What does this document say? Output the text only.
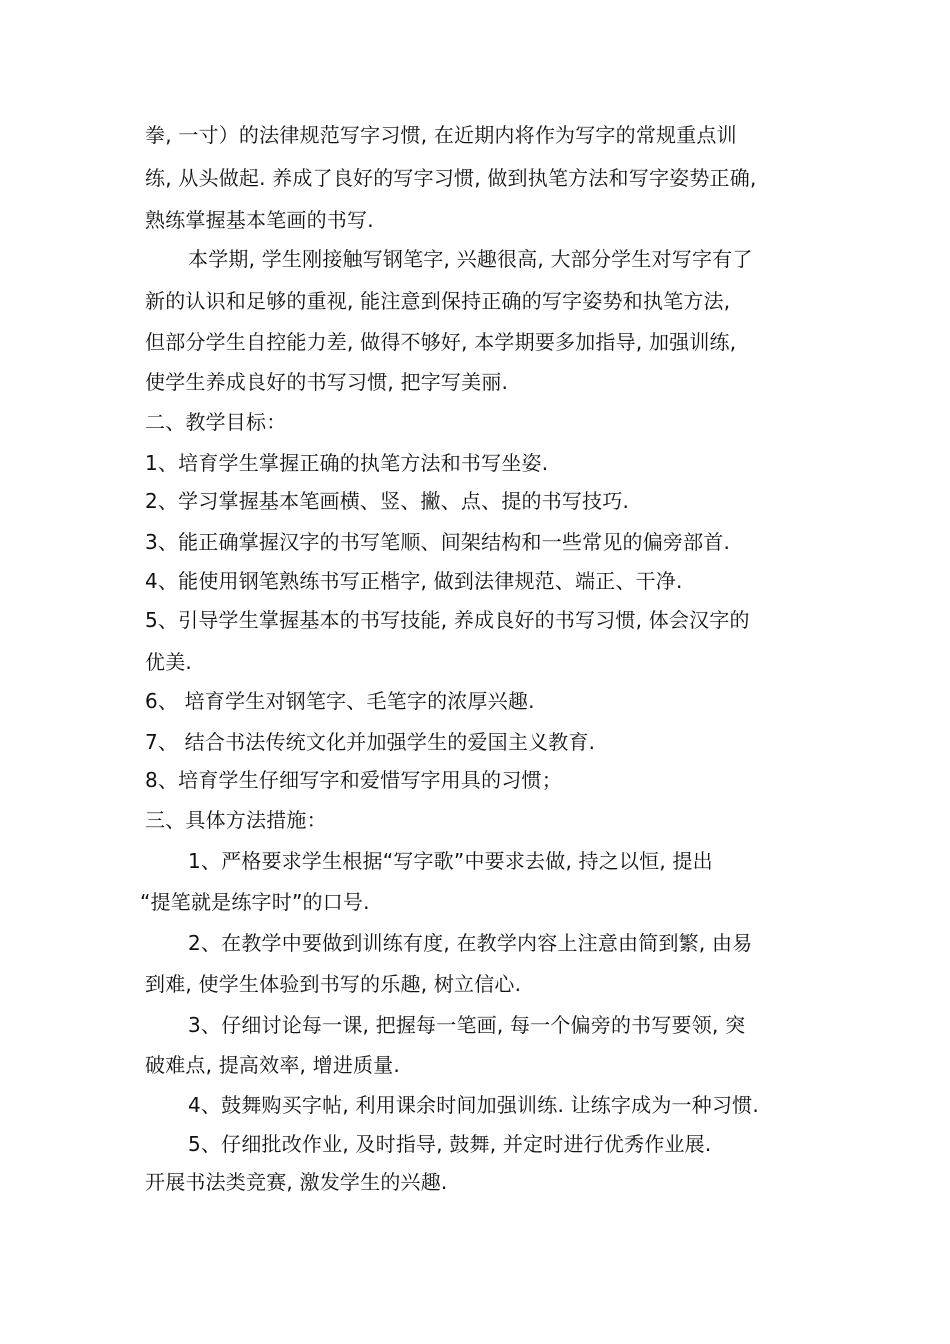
拳, 一寸）的法律规范写字习惯, 在近期内将作为写字的常规重点训
练, 从头做起. 养成了良好的写字习惯, 做到执笔方法和写字姿势正确,
熟练掌握基本笔画的书写.
本学期, 学生刚接触写钢笔字, 兴趣很高, 大部分学生对写字有了
新的认识和足够的重视, 能注意到保持正确的写字姿势和执笔方法,
但部分学生自控能力差, 做得不够好, 本学期要多加指导, 加强训练,
使学生养成良好的书写习惯, 把字写美丽.
二、教学目标：
1、培育学生掌握正确的执笔方法和书写坐姿.
2、学习掌握基本笔画横、竖、撇、点、提的书写技巧.
3、能正确掌握汉字的书写笔顺、间架结构和一些常见的偏旁部首.
4、能使用钢笔熟练书写正楷字, 做到法律规范、端正、干净.
5、引导学生掌握基本的书写技能, 养成良好的书写习惯, 体会汉字的
优美.
6、 培育学生对钢笔字、毛笔字的浓厚兴趣.
7、 结合书法传统文化并加强学生的爱国主义教育.
8、培育学生仔细写字和爱惜写字用具的习惯；
三、具体方法措施：
1、严格要求学生根据“写字歌”中要求去做, 持之以恒, 提出
“提笔就是练字时”的口号.
2、在教学中要做到训练有度, 在教学内容上注意由简到繁, 由易
到难, 使学生体验到书写的乐趣, 树立信心.
3、仔细讨论每一课, 把握每一笔画, 每一个偏旁的书写要领, 突
破难点, 提高效率, 增进质量.
4、鼓舞购买字帖, 利用课余时间加强训练. 让练字成为一种习惯.
5、仔细批改作业, 及时指导, 鼓舞, 并定时进行优秀作业展.
开展书法类竞赛, 激发学生的兴趣.
